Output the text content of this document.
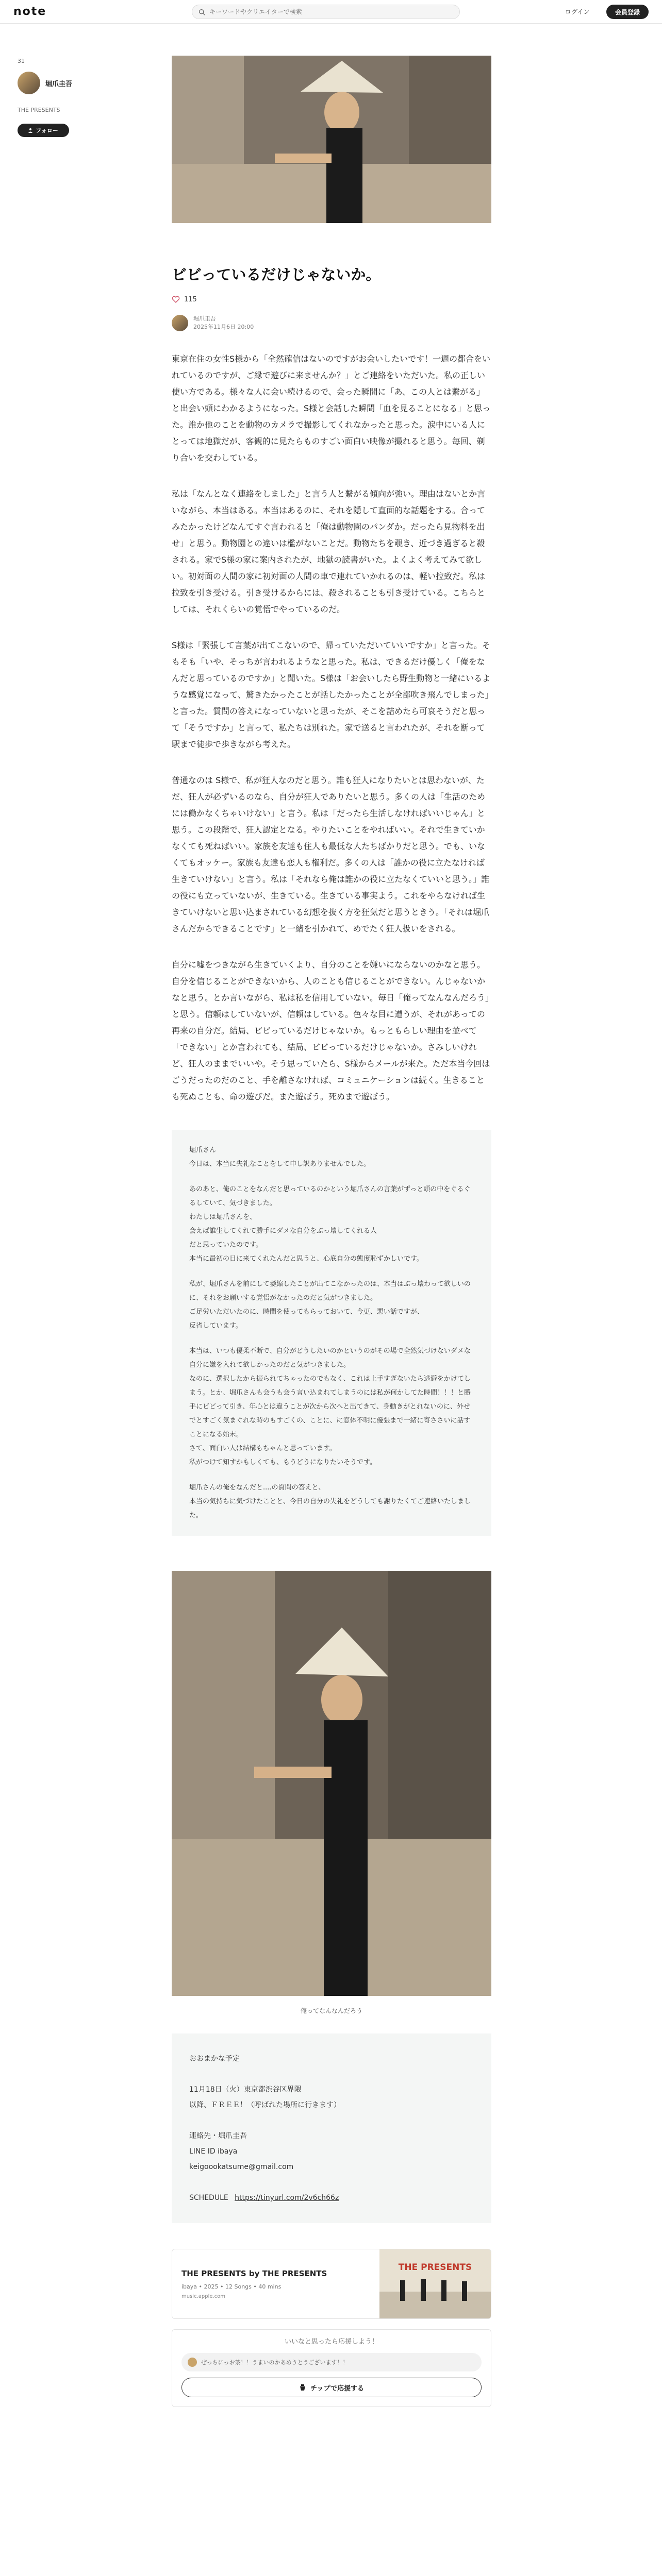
note
キーワードやクリエイターで検索	ログイン	会員登録
31
堀爪圭吾
THE PRESENTS
フォロー
ビビっているだけじゃないか。
115
堀爪圭吾
2025年11月6日 20:00

東京在住の女性S様から「全然確信はないのですがお会いしたいです！一週の都合をいれているのですが、ご縁で遊びに来ませんか？」とご連絡をいただいた。私の正しい使い方である。様々な人に会い続けるので、会った瞬間に「あ、この人とは繋がる」と出会い頭にわかるようになった。S様と会話した瞬間「血を見ることになる」と思った。誰か他のことを動物のカメラで撮影してくれなかったと思った。涙中にいる人にとっては地獄だが、客観的に見たらものすごい面白い映像が撮れると思う。毎回、剃り合いを交わしている。

私は「なんとなく連絡をしました」と言う人と繋がる傾向が強い。理由はないとか言いながら、本当はある。本当はあるのに、それを隠して直面的な話題をする。合ってみたかったけどなんてすぐ言われると「俺は動物園のパンダか。だったら見物料を出せ」と思う。動物園との違いは檻がないことだ。動物たちを覗き、近づき過ぎると殺される。家でS様の家に案内されたが、地獄の読書がいた。よくよく考えてみて欲しい。初対面の人間の家に初対面の人間の車で連れていかれるのは、軽い拉致だ。私は拉致を引き受ける。引き受けるからには、殺されることも引き受けている。こちらとしては、それくらいの覚悟でやっているのだ。

S様は「緊張して言葉が出てこないので、帰っていただいていいですか」と言った。そもそも「いや、そっちが言われるようなと思った。私は、できるだけ優しく「俺をなんだと思っているのですか」と聞いた。S様は「お会いしたら野生動物と一緒にいるような感覚になって、驚きたかったことが話したかったことが全部吹き飛んでしまった」と言った。質問の答えになっていないと思ったが、そこを詰めたら可哀そうだと思って「そうですか」と言って、私たちは別れた。家で送ると言われたが、それを断って駅まで徒歩で歩きながら考えた。

普通なのは S様で、私が狂人なのだと思う。誰も狂人になりたいとは思わないが、ただ、狂人が必ずいるのなら、自分が狂人でありたいと思う。多くの人は「生活のためには働かなくちゃいけない」と言う。私は「だったら生活しなければいいじゃん」と思う。この段階で、狂人認定となる。やりたいことをやればいい。それで生きていかなくても死ねばいい。家族を友達も住人も最低な人たちばかりだと思う。でも、いなくてもオッケー。家族も友達も恋人も権利だ。多くの人は「誰かの役に立たなければ生きていけない」と言う。私は「それなら俺は誰かの役に立たなくていいと思う。」誰の役にも立っていないが、生きている。生きている事実よう。これをやらなければ生きていけないと思い込まされている幻想を抜く方を狂気だと思うときう。「それは堀爪さんだからできることです」と一緒を引かれて、めでたく狂人扱いをされる。

自分に嘘をつきながら生きていくより、自分のことを嫌いにならないのかなと思う。自分を信じることができないから、人のことも信じることができない。んじゃないかなと思う。とか言いながら、私は私を信用していない。毎日「俺ってなんなんだろう」と思う。信頼はしていないが、信頼はしている。色々な目に遭うが、それがあっての再来の自分だ。結局、ビビっているだけじゃないか。もっともらしい理由を並べて「できない」とか言われても、結局、ビビっているだけじゃないか。さみしいけれど、狂人のままでいいや。そう思っていたら、S様からメールが来た。ただ本当今回はごうだったのだのこと、手を離さなければ、コミュニケーションは続く。生きることも死ぬことも、命の遊びだ。また遊ぼう。死ぬまで遊ぼう。

堀爪さん
今日は、本当に失礼なことをして申し訳ありませんでした。

あのあと、俺のことをなんだと思っているのかという堀爪さんの言葉がずっと頭の中をぐるぐるしていて、気づきました。
わたしは堀爪さんを、
会えば誰生してくれて勝手にダメな自分をぶっ壊してくれる人
だと思っていたのです。
本当に最初の日に来てくれたんだと思うと、心底自分の態度恥ずかしいです。

私が、堀爪さんを前にして萎縮したことが出てこなかったのは、本当はぶっ壊わって欲しいのに、それをお願いする覚悟がなかったのだと気がつきました。
ご足労いただいたのに、時間を使ってもらっておいて、今更、悪い話ですが、
反省しています。

本当は、いつも優柔不断で、自分がどうしたいのかというのがその場で全然気づけないダメな自分に嫌を入れて欲しかったのだと気がつきました。
なのに、選択したから振られてちゃったのでもなく、これは上手すぎないたら逃避をかけてしまう。とか、堀爪さんも会うも会う言い込まれてしまうのには私が何かしてた時間！！！と勝手にビビって引き、年心とは違うことが次から次へと出てきて、身動きがとれないのに、外せでとすごく気まぐれな時のもすごくの、ことに、に窓体不明に優張まで一緒に寄ささいに話すことになる始末。
さて、面白い人は結構もちゃんと思っています。
私がつけて知すかもしくても、もうどうになりたいそうです。

堀爪さんの俺をなんだと....の質問の答えと、
本当の気持ちに気づけたことと、今日の自分の失礼をどうしても謝りたくてご連絡いたしました。

俺ってなんなんだろう
おおまかな予定
11月18日（火）東京都渋谷区界隈
以降、ＦＲＥＥ！（呼ばれた場所に行きます）
連絡先・堀爪圭吾
LINE ID ibaya
keigoookatsume@gmail.com
SCHEDULE https://tinyurl.com/2v6ch66z
THE PRESENTS by THE PRESENTS
ibaya • 2025 • 12 Songs • 40 mins
music.apple.com
THE PRESENTS
いいなと思ったら応援しよう！
ぜっちにっお茶！！うまいのかあめうとうございます！！
チップで応援する
